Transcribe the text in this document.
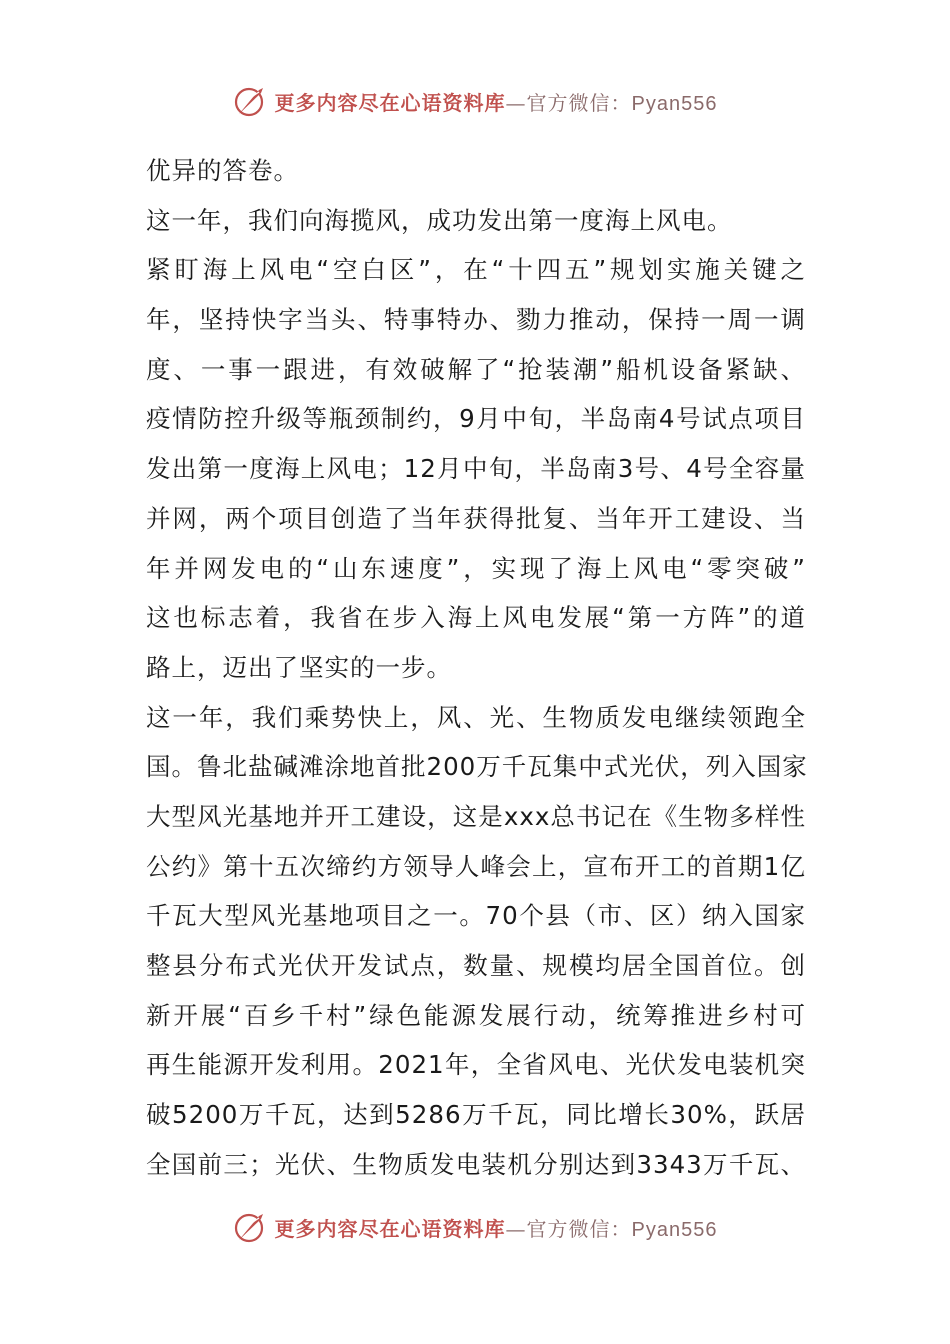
更多内容尽在心语资料库—官方微信：Pyan556
优异的答卷。
这一年，我们向海揽风，成功发出第一度海上风电。
紧盯海上风电“空白区”，在“十四五”规划实施关键之
年，坚持快字当头、特事特办、勠力推动，保持一周一调
度、一事一跟进，有效破解了“抢装潮”船机设备紧缺、
疫情防控升级等瓶颈制约，9月中旬，半岛南4号试点项目
发出第一度海上风电；12月中旬，半岛南3号、4号全容量
并网，两个项目创造了当年获得批复、当年开工建设、当
年并网发电的“山东速度”，实现了海上风电“零突破”
这也标志着，我省在步入海上风电发展“第一方阵”的道
路上，迈出了坚实的一步。
这一年，我们乘势快上，风、光、生物质发电继续领跑全
国。鲁北盐碱滩涂地首批200万千瓦集中式光伏，列入国家
大型风光基地并开工建设，这是xxx总书记在《生物多样性
公约》第十五次缔约方领导人峰会上，宣布开工的首期1亿
千瓦大型风光基地项目之一。70个县（市、区）纳入国家
整县分布式光伏开发试点，数量、规模均居全国首位。创
新开展“百乡千村”绿色能源发展行动，统筹推进乡村可
再生能源开发利用。2021年，全省风电、光伏发电装机突
破5200万千瓦，达到5286万千瓦，同比增长30%，跃居
全国前三；光伏、生物质发电装机分别达到3343万千瓦、
更多内容尽在心语资料库—官方微信：Pyan556
